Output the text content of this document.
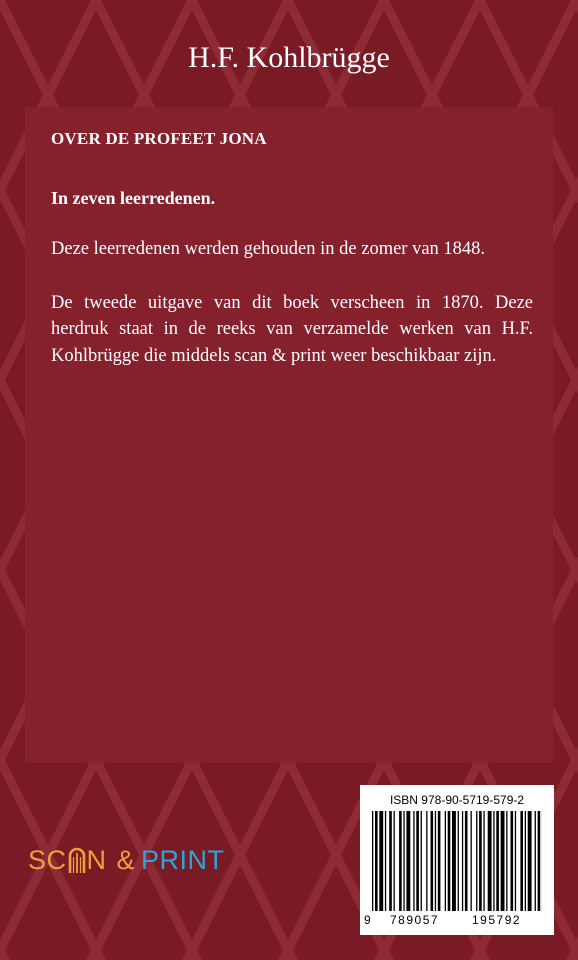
H.F. Kohlbrügge

OVER DE PROFEET JONA

In zeven leerredenen.

Deze leerredenen werden gehouden in de zomer van 1848.

De tweede uitgave van dit boek verscheen in 1870. Deze herdruk staat in de reeks van verzamelde werken van H.F. Kohlbrügge die middels scan & print weer beschikbaar zijn.

SC N & PRINT
ISBN 978-90-5719-579-2
9 789057	195792
